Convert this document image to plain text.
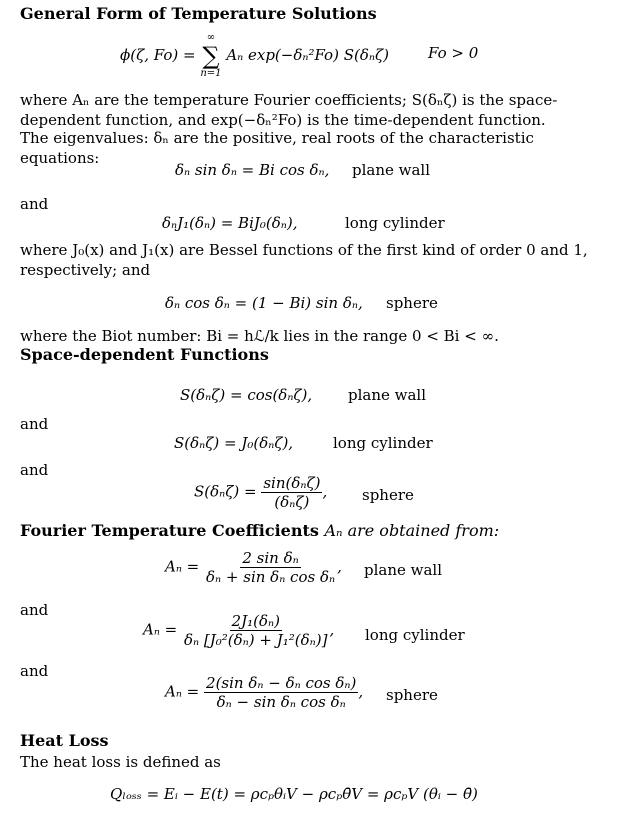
General Form of Temperature Solutions
ϕ(ζ, Fo) =
∞
∑
n=1
Aₙ exp(−δₙ²Fo) S(δₙζ)	Fo > 0
where Aₙ are the temperature Fourier coefficients; S(δₙζ) is the space-dependent function, and exp(−δₙ²Fo) is the time-dependent function.
The eigenvalues: δₙ are the positive, real roots of the characteristic equations:
δₙ sin δₙ = Bi cos δₙ, plane wall
and
δₙJ₁(δₙ) = BiJ₀(δₙ),	long cylinder
where J₀(x) and J₁(x) are Bessel functions of the first kind of order 0 and 1, respectively; and
δₙ cos δₙ = (1 − Bi) sin δₙ, sphere
where the Biot number: Bi = hℒ/k lies in the range 0 < Bi < ∞.
Space-dependent Functions
S(δₙζ) = cos(δₙζ), plane wall
and
S(δₙζ) = J₀(δₙζ),	long cylinder
and
$S(\delta_n\zeta) = \frac{\text{sin(δₙζ)}}{\text{(δₙζ)}}$ , sphere
Fourier Temperature Coefficients Aₙ are obtained from:
$A_n = \frac{\text{2 sin δₙ}}{\text{δₙ + sin δₙ cos δₙ}}$ , plane wall
and
$A_n = \frac{\text{2J₁(δₙ)}}{\text{δₙ [J₀²(δₙ) + J₁²(δₙ)]}}$ , long cylinder
and
$A_n = \frac{\text{2(sin δₙ − δₙ cos δₙ)}}{\text{δₙ − sin δₙ cos δₙ}}$ , sphere
Heat Loss
The heat loss is defined as
Qₗₒₛₛ = Eᵢ − E(t) = ρcₚθᵢV − ρcₚθ̄V = ρcₚV (θᵢ − θ̄)
